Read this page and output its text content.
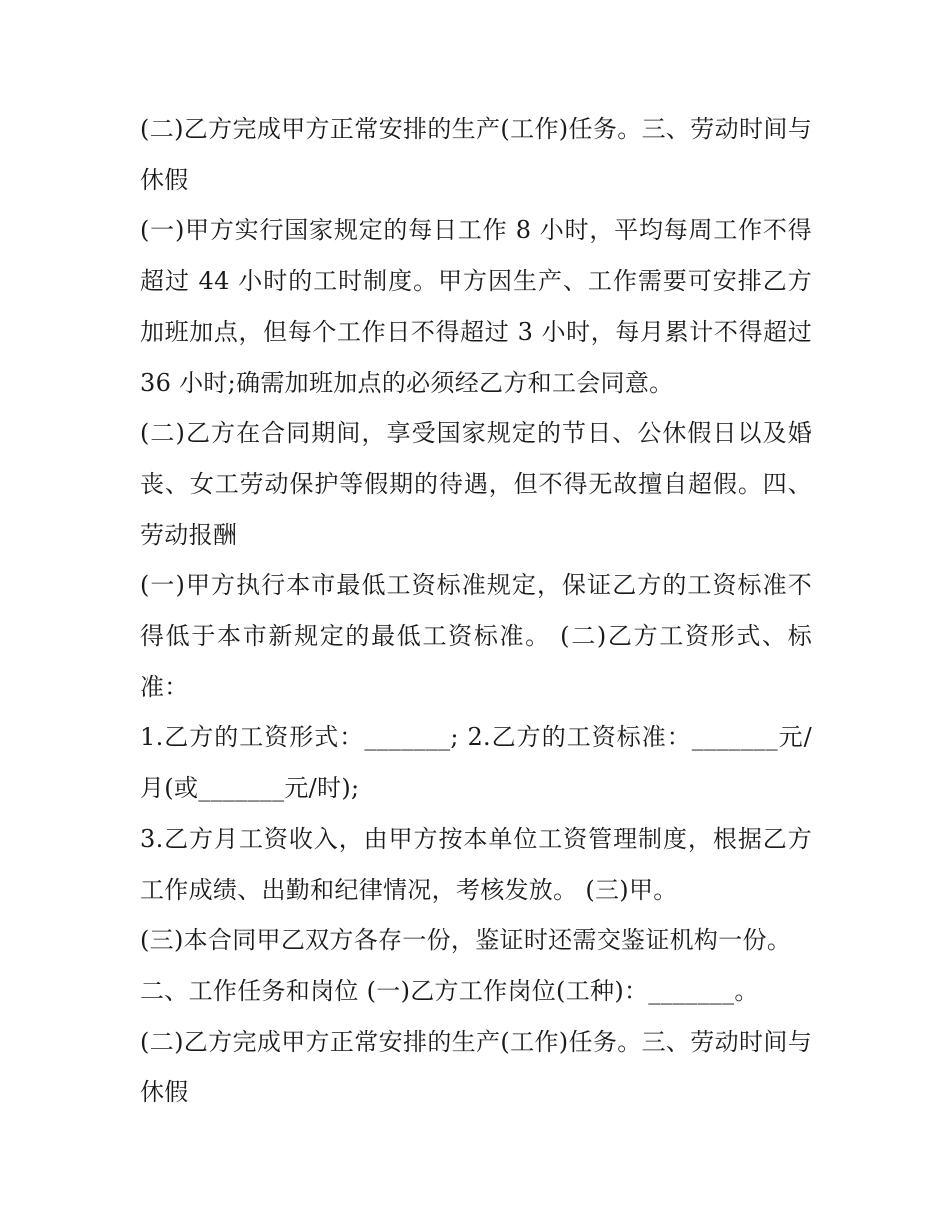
(二)乙方完成甲方正常安排的生产(工作)任务。三、劳动时间与休假

(一)甲方实行国家规定的每日工作 8 小时，平均每周工作不得超过 44 小时的工时制度。甲方因生产、工作需要可安排乙方加班加点，但每个工作日不得超过 3 小时，每月累计不得超过 36 小时;确需加班加点的必须经乙方和工会同意。

(二)乙方在合同期间，享受国家规定的节日、公休假日以及婚丧、女工劳动保护等假期的待遇，但不得无故擅自超假。四、劳动报酬

(一)甲方执行本市最低工资标准规定，保证乙方的工资标准不得低于本市新规定的最低工资标准。 (二)乙方工资形式、标准：

1.乙方的工资形式：_______; 2.乙方的工资标准：_______元/月(或_______元/时);

3.乙方月工资收入，由甲方按本单位工资管理制度，根据乙方工作成绩、出勤和纪律情况，考核发放。 (三)甲。

(三)本合同甲乙双方各存一份，鉴证时还需交鉴证机构一份。

二、工作任务和岗位 (一)乙方工作岗位(工种)：_______。

(二)乙方完成甲方正常安排的生产(工作)任务。三、劳动时间与休假
